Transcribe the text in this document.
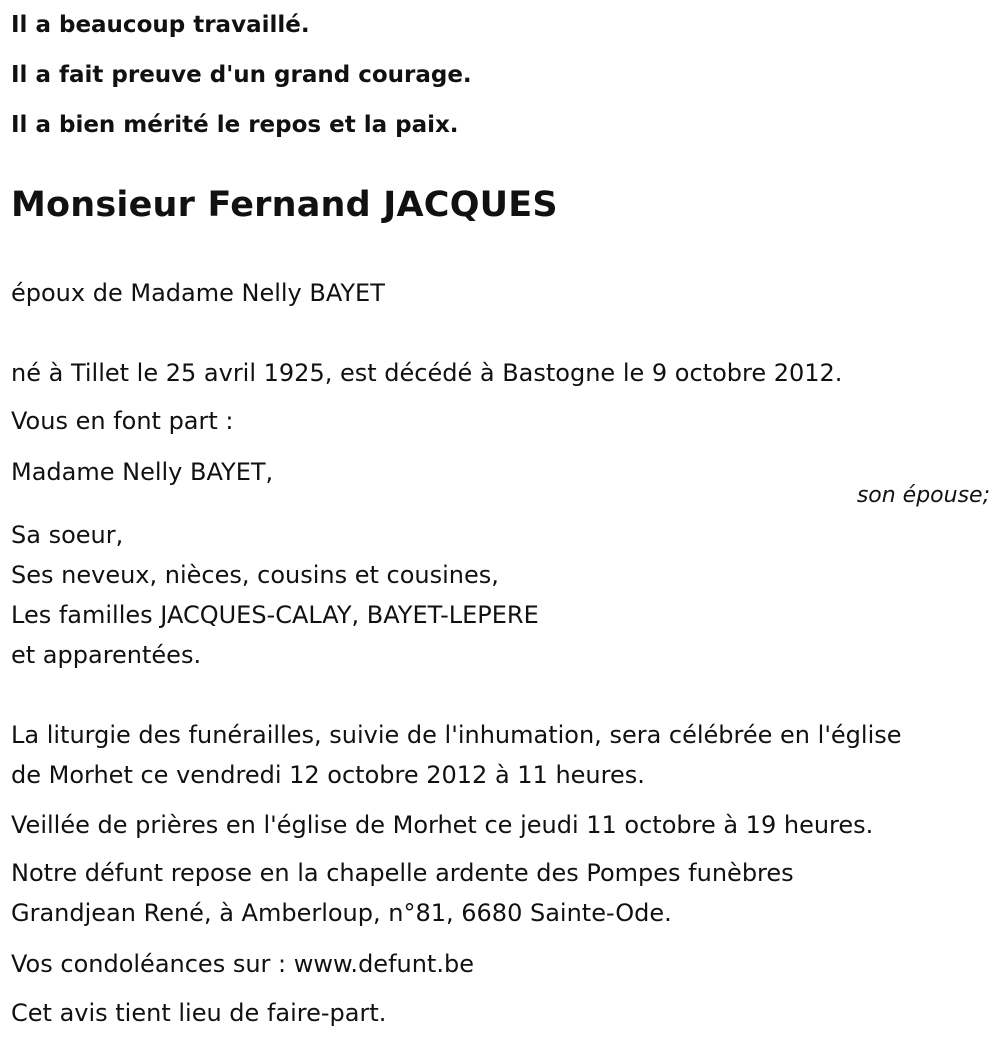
Il a beaucoup travaillé.

Il a fait preuve d'un grand courage.

Il a bien mérité le repos et la paix.

Monsieur Fernand JACQUES

époux de Madame Nelly BAYET

né à Tillet le 25 avril 1925, est décédé à Bastogne le 9 octobre 2012.

Vous en font part :

Madame Nelly BAYET,

son épouse;

Sa soeur,
Ses neveux, nièces, cousins et cousines,
Les familles JACQUES-CALAY, BAYET-LEPERE
et apparentées.
La liturgie des funérailles, suivie de l'inhumation, sera célébrée en l'église
de Morhet ce vendredi 12 octobre 2012 à 11 heures.

Veillée de prières en l'église de Morhet ce jeudi 11 octobre à 19 heures.

Notre défunt repose en la chapelle ardente des Pompes funèbres
Grandjean René, à Amberloup, n°81, 6680 Sainte-Ode.

Vos condoléances sur : www.defunt.be

Cet avis tient lieu de faire-part.
